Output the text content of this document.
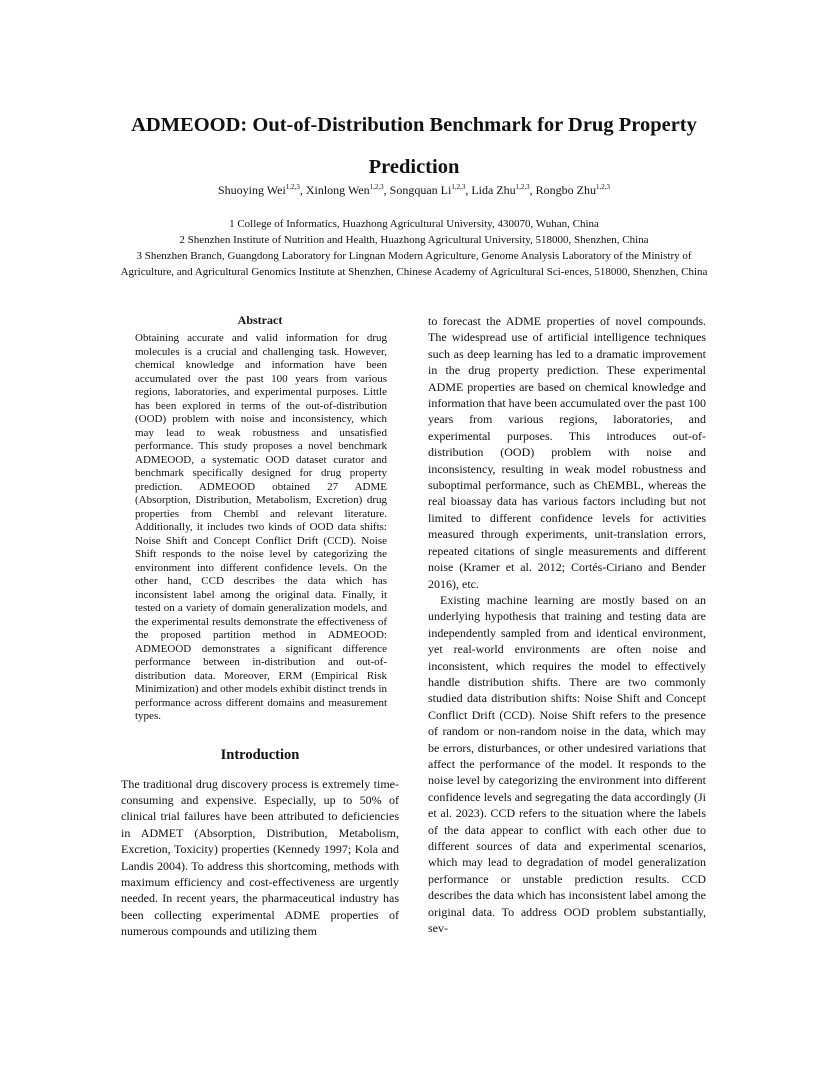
ADMEOOD: Out-of-Distribution Benchmark for Drug Property Prediction
Shuoying Wei$^{1,2,3}$, Xinlong Wen$^{1,2,3}$, Songquan Li$^{1,2,3}$, Lida Zhu$^{1,2,3}$, Rongbo Zhu$^{1,2,3}$
1 College of Informatics, Huazhong Agricultural University, 430070, Wuhan, China
2 Shenzhen Institute of Nutrition and Health, Huazhong Agricultural University, 518000, Shenzhen, China
3 Shenzhen Branch, Guangdong Laboratory for Lingnan Modern Agriculture, Genome Analysis Laboratory of the Ministry of Agriculture, and Agricultural Genomics Institute at Shenzhen, Chinese Academy of Agricultural Sci-ences, 518000, Shenzhen, China
Abstract

Obtaining accurate and valid information for drug molecules is a crucial and challenging task. However, chemical knowledge and information have been accumulated over the past 100 years from various regions, laboratories, and experimental purposes. Little has been explored in terms of the out-of-distribution (OOD) problem with noise and inconsistency, which may lead to weak robustness and unsatisfied performance. This study proposes a novel benchmark ADMEOOD, a systematic OOD dataset curator and benchmark specifically designed for drug property prediction. ADMEOOD obtained 27 ADME (Absorption, Distribution, Metabolism, Excretion) drug properties from Chembl and relevant literature. Additionally, it includes two kinds of OOD data shifts: Noise Shift and Concept Conflict Drift (CCD). Noise Shift responds to the noise level by categorizing the environment into different confidence levels. On the other hand, CCD describes the data which has inconsistent label among the original data. Finally, it tested on a variety of domain generalization models, and the experimental results demonstrate the effectiveness of the proposed partition method in ADMEOOD: ADMEOOD demonstrates a significant difference performance between in-distribution and out-of-distribution data. Moreover, ERM (Empirical Risk Minimization) and other models exhibit distinct trends in performance across different domains and measurement types.

Introduction

The traditional drug discovery process is extremely time-consuming and expensive. Especially, up to 50% of clinical trial failures have been attributed to deficiencies in ADMET (Absorption, Distribution, Metabolism, Excretion, Toxicity) properties (Kennedy 1997; Kola and Landis 2004). To address this shortcoming, methods with maximum efficiency and cost-effectiveness are urgently needed. In recent years, the pharmaceutical industry has been collecting experimental ADME properties of numerous compounds and utilizing them

to forecast the ADME properties of novel compounds. The widespread use of artificial intelligence techniques such as deep learning has led to a dramatic improvement in the drug property prediction. These experimental ADME properties are based on chemical knowledge and information that have been accumulated over the past 100 years from various regions, laboratories, and experimental purposes. This introduces out-of-distribution (OOD) problem with noise and inconsistency, resulting in weak model robustness and suboptimal performance, such as ChEMBL, whereas the real bioassay data has various factors including but not limited to different confidence levels for activities measured through experiments, unit-translation errors, repeated citations of single measurements and different noise (Kramer et al. 2012; Cortés-Ciriano and Bender 2016), etc.

Existing machine learning are mostly based on an underlying hypothesis that training and testing data are independently sampled from and identical environment, yet real-world environments are often noise and inconsistent, which requires the model to effectively handle distribution shifts. There are two commonly studied data distribution shifts: Noise Shift and Concept Conflict Drift (CCD). Noise Shift refers to the presence of random or non-random noise in the data, which may be errors, disturbances, or other undesired variations that affect the performance of the model. It responds to the noise level by categorizing the environment into different confidence levels and segregating the data accordingly (Ji et al. 2023). CCD refers to the situation where the labels of the data appear to conflict with each other due to different sources of data and experimental scenarios, which may lead to degradation of model generalization performance or unstable prediction results. CCD describes the data which has inconsistent label among the original data. To address OOD problem substantially, sev-
